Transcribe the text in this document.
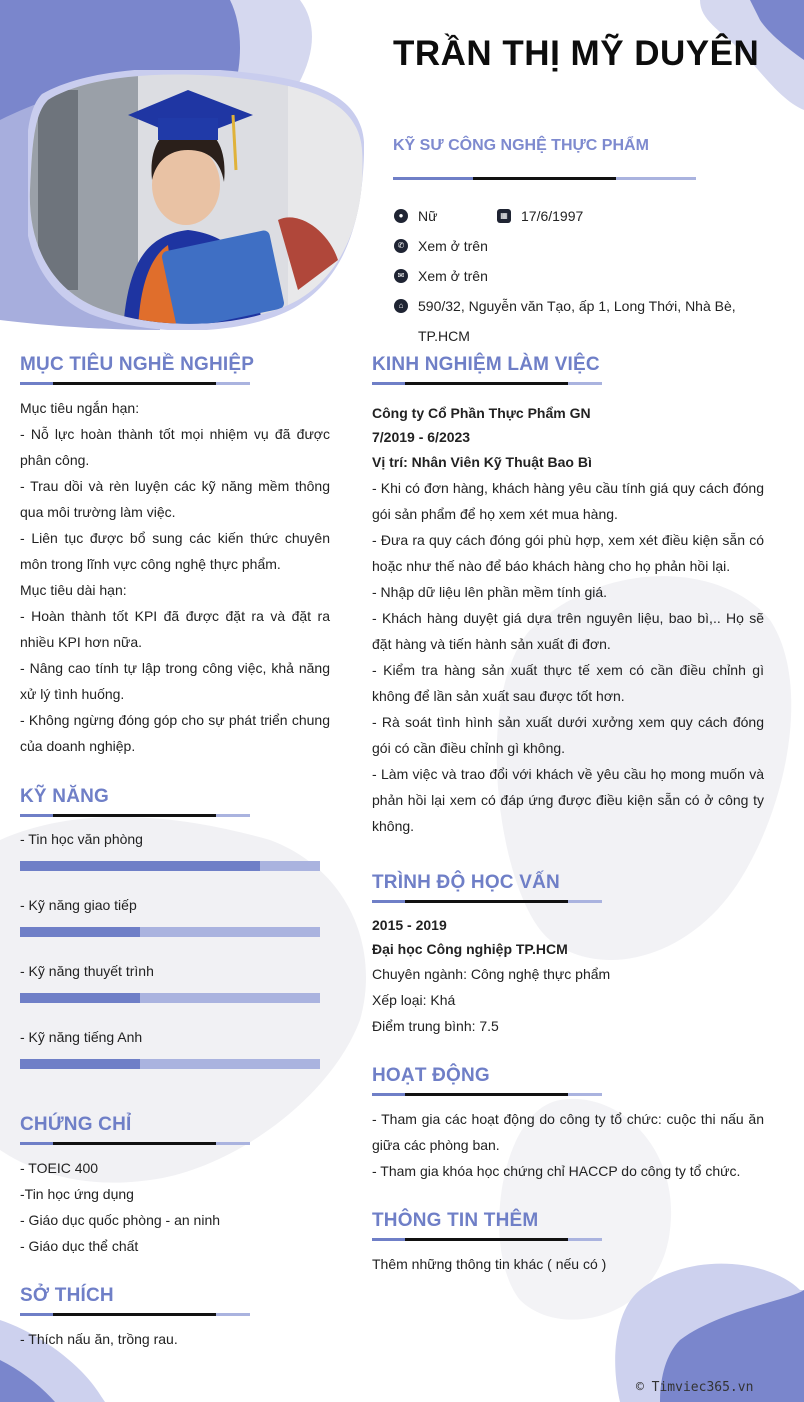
TRẦN THỊ MỸ DUYÊN

KỸ SƯ CÔNG NGHỆ THỰC PHẨM

●	Nữ	▦ 17/6/1997
✆ Xem ở trên
✉ Xem ở trên
⌂	590/32, Nguyễn văn Tạo, ấp 1, Long Thới, Nhà Bè,
TP.HCM
MỤC TIÊU NGHỀ NGHIỆP

Mục tiêu ngắn hạn:

- Nỗ lực hoàn thành tốt mọi nhiệm vụ đã được phân công.

- Trau dồi và rèn luyện các kỹ năng mềm thông qua môi trường làm việc.

- Liên tục được bổ sung các kiến thức chuyên môn trong lĩnh vực công nghệ thực phẩm.

Mục tiêu dài hạn:

- Hoàn thành tốt KPI đã được đặt ra và đặt ra nhiều KPI hơn nữa.

- Nâng cao tính tự lập trong công việc, khả năng xử lý tình huống.

- Không ngừng đóng góp cho sự phát triển chung của doanh nghiệp.

KỸ NĂNG

- Tin học văn phòng

- Kỹ năng giao tiếp

- Kỹ năng thuyết trình

- Kỹ năng tiếng Anh

CHỨNG CHỈ

- TOEIC 400

-Tin học ứng dụng

- Giáo dục quốc phòng - an ninh

- Giáo dục thể chất

SỞ THÍCH

- Thích nấu ăn, trồng rau.

KINH NGHIỆM LÀM VIỆC

Công ty Cổ Phần Thực Phẩm GN

7/2019 - 6/2023

Vị trí: Nhân Viên Kỹ Thuật Bao Bì

- Khi có đơn hàng, khách hàng yêu cầu tính giá quy cách đóng gói sản phẩm để họ xem xét mua hàng.

- Đưa ra quy cách đóng gói phù hợp, xem xét điều kiện sẵn có hoặc như thế nào để báo khách hàng cho họ phản hồi lại.

- Nhập dữ liệu lên phần mềm tính giá.

- Khách hàng duyệt giá dựa trên nguyên liệu, bao bì,.. Họ sẽ đặt hàng và tiến hành sản xuất đi đơn.

- Kiểm tra hàng sản xuất thực tế xem có cần điều chỉnh gì không để lần sản xuất sau được tốt hơn.

- Rà soát tình hình sản xuất dưới xưởng xem quy cách đóng gói có cần điều chỉnh gì không.

- Làm việc và trao đổi với khách về yêu cầu họ mong muốn và phản hồi lại xem có đáp ứng được điều kiện sẵn có ở công ty không.

TRÌNH ĐỘ HỌC VẤN

2015 - 2019

Đại học Công nghiệp TP.HCM

Chuyên ngành: Công nghệ thực phẩm

Xếp loại: Khá

Điểm trung bình: 7.5

HOẠT ĐỘNG

- Tham gia các hoạt động do công ty tổ chức: cuộc thi nấu ăn giữa các phòng ban.

- Tham gia khóa học chứng chỉ HACCP do công ty tổ chức.

THÔNG TIN THÊM

Thêm những thông tin khác ( nếu có )

© Timviec365.vn
